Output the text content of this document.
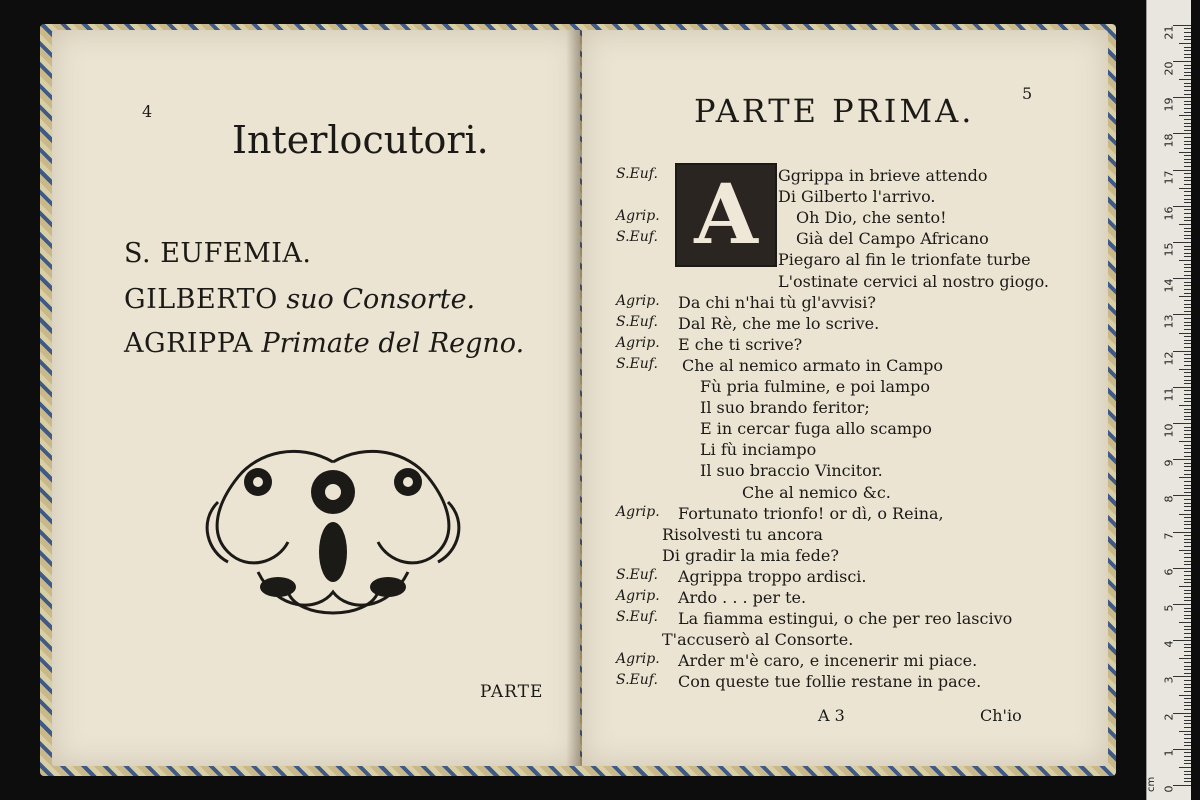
4
Interlocutori.
S. EUFEMIA.
GILBERTO suo Consorte.
AGRIPPA Primate del Regno.
PARTE
5
PARTE PRIMA.
A
S.Euf.	Ggrippa in brieve attendo
Di Gilberto l'arrivo.
Agrip.	Oh Dio, che sento!
S.Euf.	Già del Campo Africano
Piegaro al fin le trionfate turbe
L'ostinate cervici al nostro giogo.
Agrip. Da chi n'hai tù gl'avvisi?
S.Euf. Dal Rè, che me lo scrive.
Agrip. E che ti scrive?
S.Euf. Che al nemico armato in Campo
Fù pria fulmine, e poi lampo
Il suo brando feritor;
E in cercar fuga allo scampo
Li fù inciampo
Il suo braccio Vincitor.
Che al nemico &c.
Agrip. Fortunato trionfo! or dì, o Reina,
Risolvesti tu ancora
Di gradir la mia fede?
S.Euf. Agrippa troppo ardisci.
Agrip. Ardo . . . per te.
S.Euf. La fiamma estingui, o che per reo lascivo
T'accuserò al Consorte.
Agrip. Arder m'è caro, e incenerir mi piace.
S.Euf. Con queste tue follie restane in pace.
A 3	Ch'io
cm 0
1
2
3
4
5
6
7
8
9
10
11
12
13
14
15
16
17
18
19
20
21
